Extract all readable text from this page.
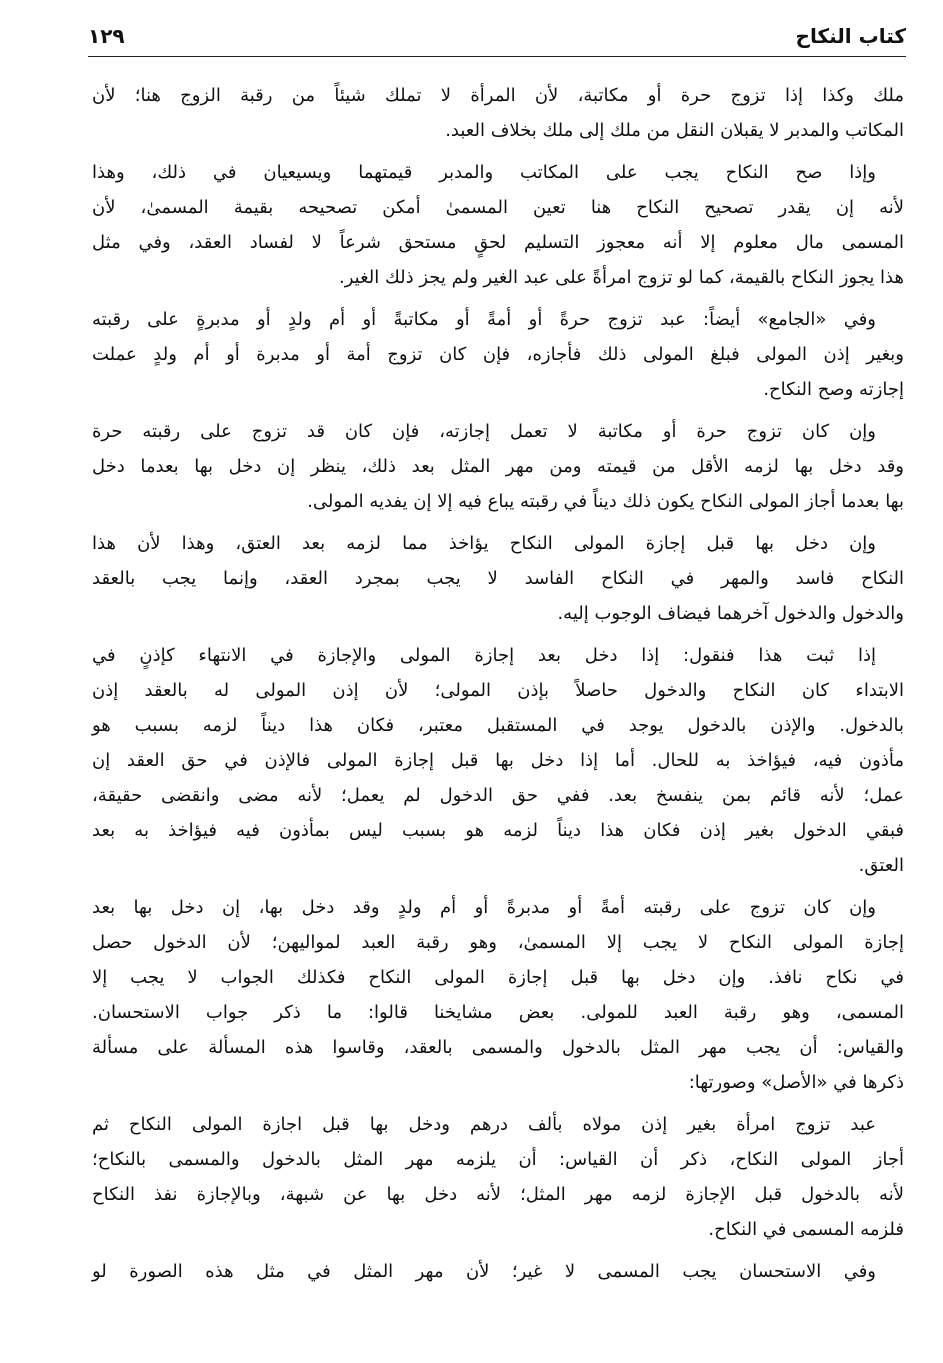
كتاب النكاح
١٢٩
ملك وكذا إذا تزوج حرة أو مكاتبة، لأن المرأة لا تملك شيئاً من رقبة الزوج هنا؛ لأن
المكاتب والمدبر لا يقبلان النقل من ملك إلى ملك بخلاف العبد.
وإذا صح النكاح يجب على المكاتب والمدبر قيمتهما ويسيعيان في ذلك، وهذا
لأنه إن يقدر تصحيح النكاح هنا تعين المسمىٰ أمكن تصحيحه بقيمة المسمىٰ، لأن
المسمى مال معلوم إلا أنه معجوز التسليم لحقٍ مستحق شرعاً لا لفساد العقد، وفي مثل
هذا يجوز النكاح بالقيمة، كما لو تزوج امرأةً على عبد الغير ولم يجز ذلك الغير.
وفي «الجامع» أيضاً: عبد تزوج حرةً أو أمةً أو مكاتبةً أو أم ولدٍ أو مدبرةٍ على رقبته
وبغير إذن المولى فبلغ المولى ذلك فأجازه، فإن كان تزوج أمة أو مدبرة أو أم ولدٍ عملت
إجازته وصح النكاح.
وإن كان تزوج حرة أو مكاتبة لا تعمل إجازته، فإن كان قد تزوج على رقبته حرة
وقد دخل بها لزمه الأقل من قيمته ومن مهر المثل بعد ذلك، ينظر إن دخل بها بعدما دخل
بها بعدما أجاز المولى النكاح يكون ذلك ديناً في رقبته يباع فيه إلا إن يفديه المولى.
وإن دخل بها قبل إجازة المولى النكاح يؤاخذ مما لزمه بعد العتق، وهذا لأن هذا
النكاح فاسد والمهر في النكاح الفاسد لا يجب بمجرد العقد، وإنما يجب بالعقد
والدخول والدخول آخرهما فيضاف الوجوب إليه.
إذا ثبت هذا فنقول: إذا دخل بعد إجازة المولى والإجازة في الانتهاء كإذنٍ في
الابتداء كان النكاح والدخول حاصلاً بإذن المولى؛ لأن إذن المولى له بالعقد إذن
بالدخول. والإذن بالدخول يوجد في المستقبل معتبر، فكان هذا ديناً لزمه بسبب هو
مأذون فيه، فيؤاخذ به للحال. أما إذا دخل بها قبل إجازة المولى فالإذن في حق العقد إن
عمل؛ لأنه قائم بمن ينفسخ بعد. ففي حق الدخول لم يعمل؛ لأنه مضى وانقضى حقيقة،
فبقي الدخول بغير إذن فكان هذا ديناً لزمه هو بسبب ليس بمأذون فيه فيؤاخذ به بعد
العتق.
وإن كان تزوج على رقبته أمةً أو مدبرةً أو أم ولدٍ وقد دخل بها، إن دخل بها بعد
إجازة المولى النكاح لا يجب إلا المسمىٰ، وهو رقبة العبد لمواليهن؛ لأن الدخول حصل
في نكاح نافذ. وإن دخل بها قبل إجازة المولى النكاح فكذلك الجواب لا يجب إلا
المسمى، وهو رقبة العبد للمولى. بعض مشايخنا قالوا: ما ذكر جواب الاستحسان.
والقياس: أن يجب مهر المثل بالدخول والمسمى بالعقد، وقاسوا هذه المسألة على مسألة
ذكرها في «الأصل» وصورتها:
عبد تزوج امرأة بغير إذن مولاه بألف درهم ودخل بها قبل اجازة المولى النكاح ثم
أجاز المولى النكاح، ذكر أن القياس: أن يلزمه مهر المثل بالدخول والمسمى بالنكاح؛
لأنه بالدخول قبل الإجازة لزمه مهر المثل؛ لأنه دخل بها عن شبهة، وبالإجازة نفذ النكاح
فلزمه المسمى في النكاح.
وفي الاستحسان يجب المسمى لا غير؛ لأن مهر المثل في مثل هذه الصورة لو
